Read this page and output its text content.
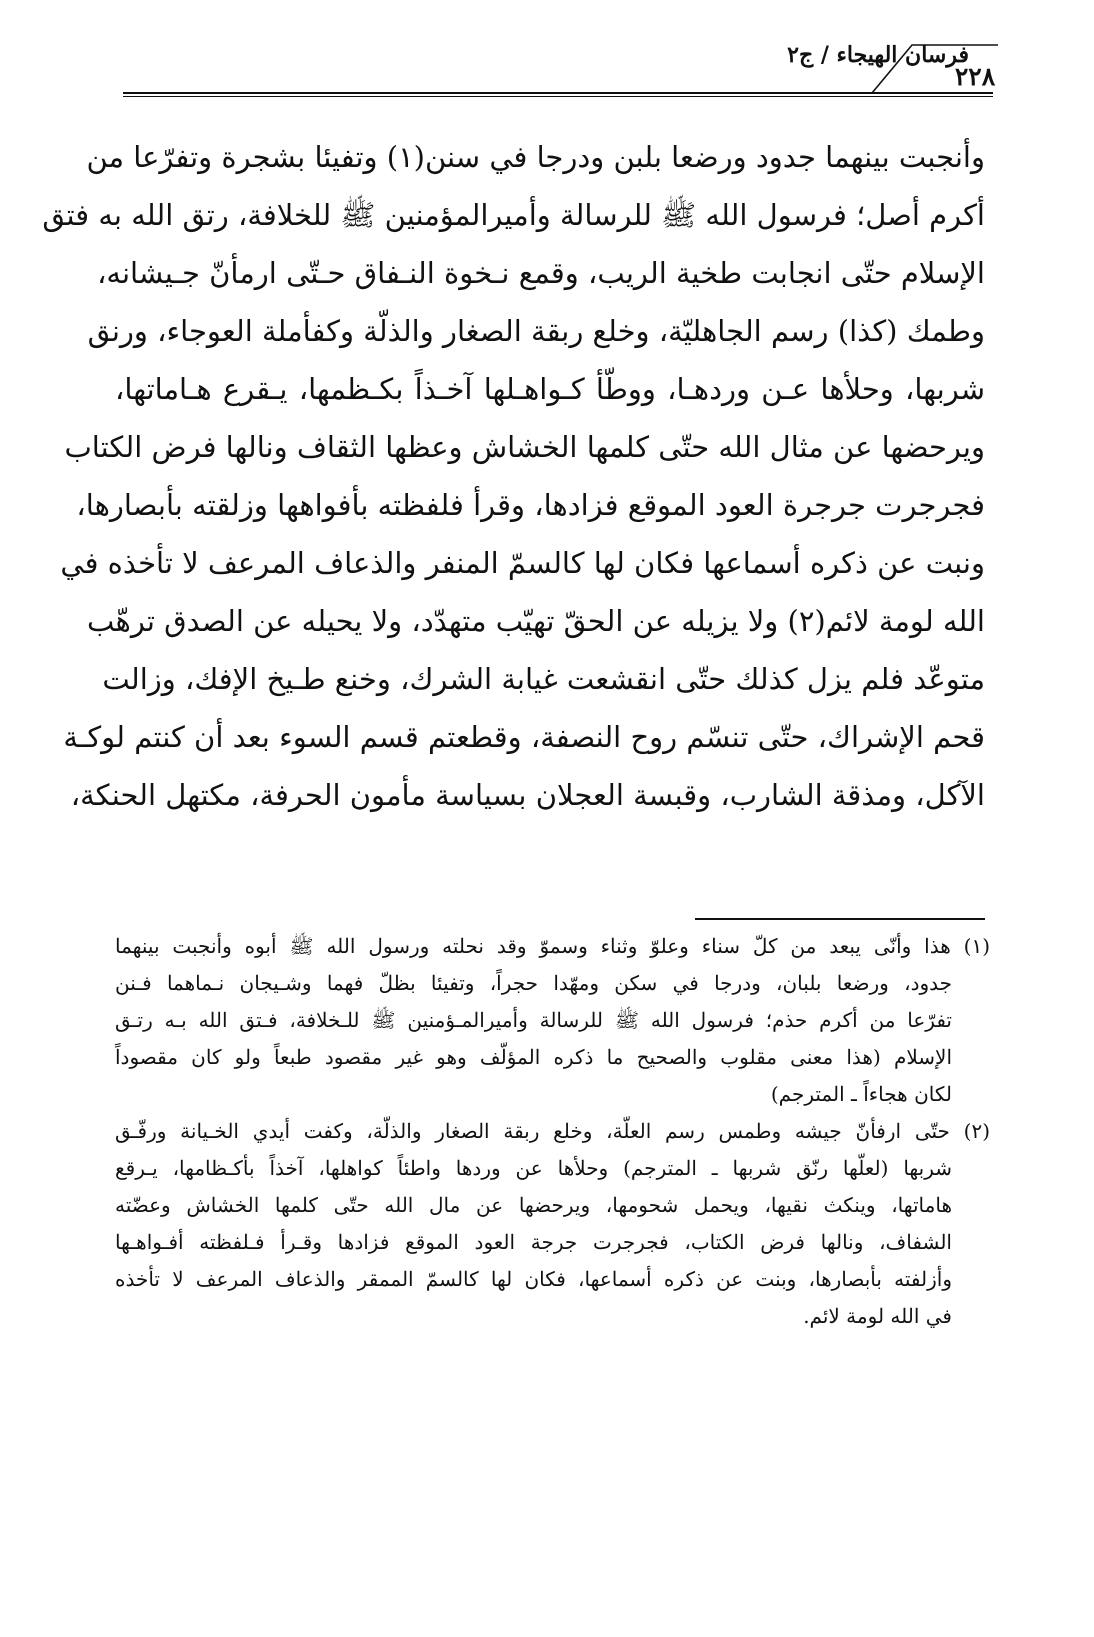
فرسان الهيجاء / ج٢
٢٢٨
وأنجبت بينهما جدود ورضعا بلبن ودرجا في سنن(١) وتفيئا بشجرة وتفرّعا من
أكرم أصل؛ فرسول الله ﷺ للرسالة وأميرالمؤمنين ﷺ للخلافة، رتق الله به فتق
الإسلام حتّى انجابت طخية الريب، وقمع نـخوة النـفاق حـتّى ارمأنّ جـيشانه،
وطمك (كذا) رسم الجاهليّة، وخلع ربقة الصغار والذلّة وكفأملة العوجاء، ورنق
شربها، وحلأها عـن وردهـا، ووطّأ كـواهـلها آخـذاً بكـظمها، يـقرع هـاماتها،
ويرحضها عن مثال الله حتّى كلمها الخشاش وعظها الثقاف ونالها فرض الكتاب
فجرجرت جرجرة العود الموقع فزادها، وقرأ فلفظته بأفواهها وزلقته بأبصارها،
ونبت عن ذكره أسماعها فكان لها كالسمّ المنفر والذعاف المرعف لا تأخذه في
الله لومة لائم(٢) ولا يزيله عن الحقّ تهيّب متهدّد، ولا يحيله عن الصدق ترهّب
متوعّد فلم يزل كذلك حتّى انقشعت غيابة الشرك، وخنع طـيخ الإفك، وزالت
قحم الإشراك، حتّى تنسّم روح النصفة، وقطعتم قسم السوء بعد أن كنتم لوكـة
الآكل، ومذقة الشارب، وقبسة العجلان بسياسة مأمون الحرفة، مكتهل الحنكة،
(١) هذا وأنّى يبعد من كلّ سناء وعلوّ وثناء وسموّ وقد نحلته ورسول الله ﷺ أبوه وأنجبت بينهما
جدود، ورضعا بلبان، ودرجا في سكن ومهّدا حجراً، وتفيئا بظلّ فهما وشـيجان نـماهما فـنن
تفرّعا من أكرم حذم؛ فرسول الله ﷺ للرسالة وأميرالمـؤمنين ﷺ للـخلافة، فـتق الله بـه رتـق
الإسلام (هذا معنى مقلوب والصحيح ما ذكره المؤلّف وهو غير مقصود طبعاً ولو كان مقصوداً
لكان هجاءاً ـ المترجم)
(٢) حتّى ارفأنّ جيشه وطمس رسم العلّة، وخلع ربقة الصغار والذلّة، وكفت أيدي الخـيانة ورفّـق
شربها (لعلّها رنّق شربها ـ المترجم) وحلأها عن وردها واطئاً كواهلها، آخذاً بأكـظامها، يـرقع
هاماتها، وينكث نقيها، ويحمل شحومها، ويرحضها عن مال الله حتّى كلمها الخشاش وعضّته
الشفاف، ونالها فرض الكتاب، فجرجرت جرجة العود الموقع فزادها وقـرأ فـلفظته أفـواهـها
وأزلفته بأبصارها، وبنت عن ذكره أسماعها، فكان لها كالسمّ الممقر والذعاف المرعف لا تأخذه
في الله لومة لائم.
